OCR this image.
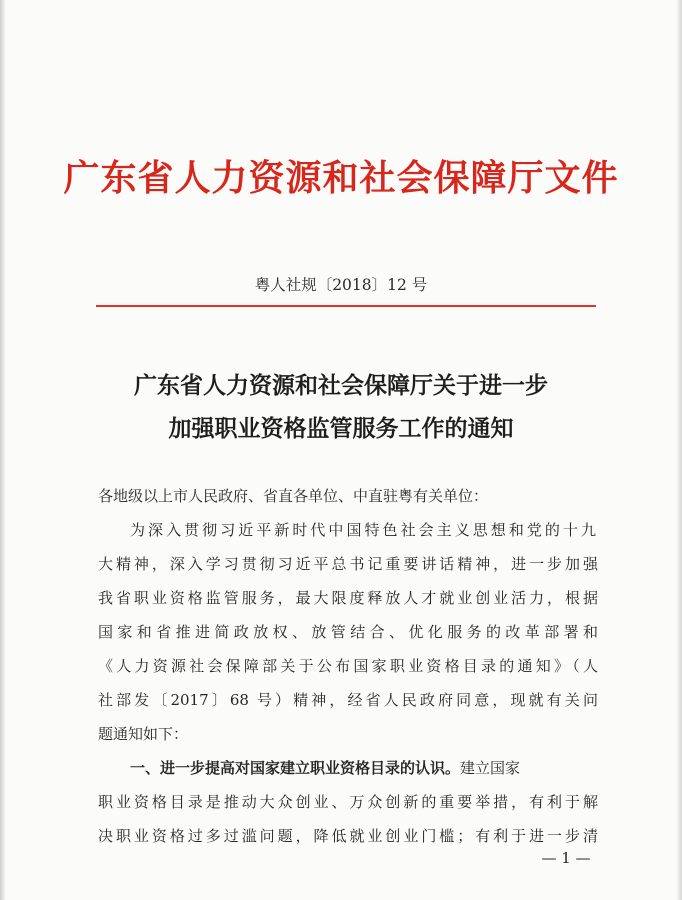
广东省人力资源和社会保障厅文件
粤人社规〔2018〕12 号
广东省人力资源和社会保障厅关于进一步
加强职业资格监管服务工作的通知
各地级以上市人民政府、省直各单位、中直驻粤有关单位：
为深入贯彻习近平新时代中国特色社会主义思想和党的十九
大精神，深入学习贯彻习近平总书记重要讲话精神，进一步加强
我省职业资格监管服务，最大限度释放人才就业创业活力，根据
国家和省推进简政放权、放管结合、优化服务的改革部署和
《人力资源社会保障部关于公布国家职业资格目录的通知》（人
社部发〔2017〕68 号）精神，经省人民政府同意，现就有关问
题通知如下：
一、进一步提高对国家建立职业资格目录的认识。建立国家
职业资格目录是推动大众创业、万众创新的重要举措，有利于解
决职业资格过多过滥问题，降低就业创业门槛；有利于进一步清
— 1 —
